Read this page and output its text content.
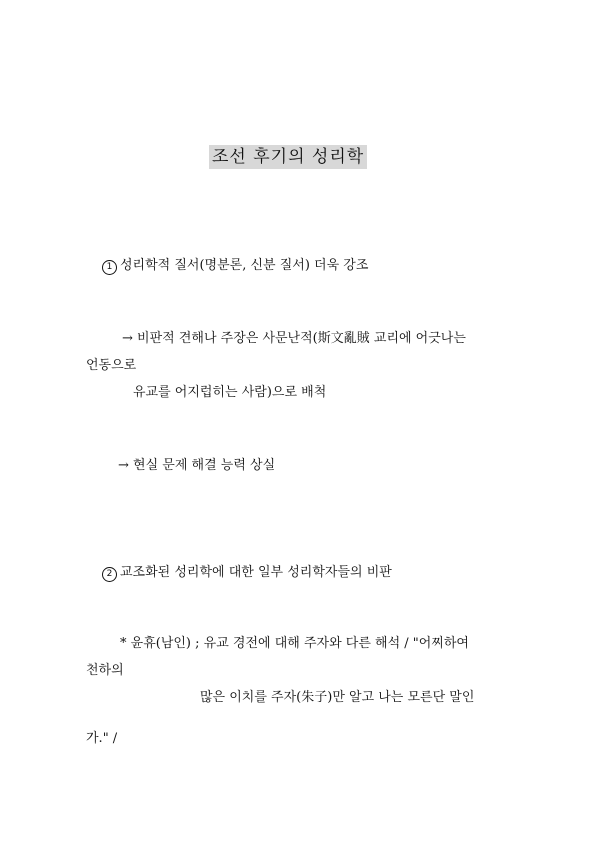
조선 후기의 성리학
1 성리학적 질서(명분론, 신분 질서) 더욱 강조
→ 비판적 견해나 주장은 사문난적(斯文亂賊 교리에 어긋나는
언동으로
유교를 어지럽히는 사람)으로 배척
→ 현실 문제 해결 능력 상실
2 교조화된 성리학에 대한 일부 성리학자들의 비판
* 윤휴(남인) ; 유교 경전에 대해 주자와 다른 해석 / "어찌하여
천하의
많은 이치를 주자(朱子)만 알고 나는 모른단 말인
가." /
